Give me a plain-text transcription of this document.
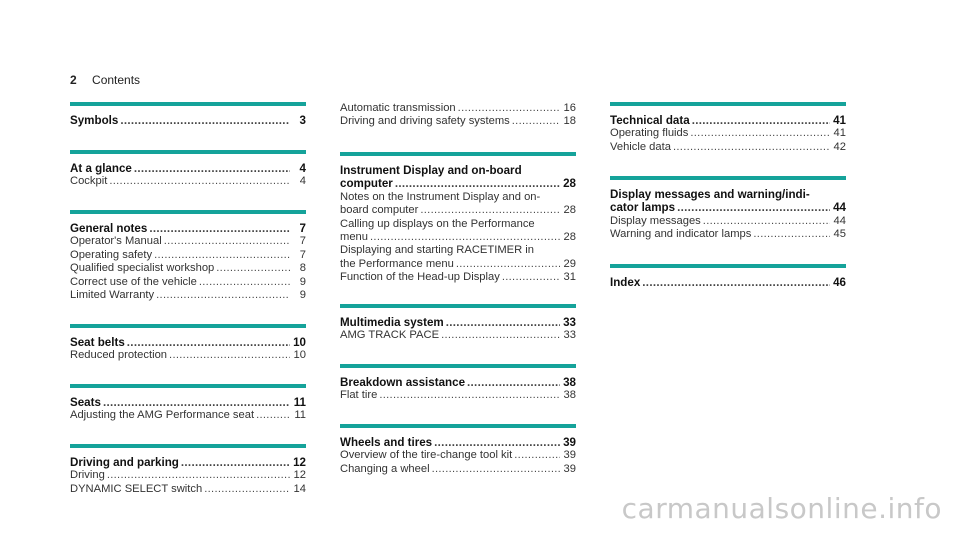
2 Contents
Symbols .....	3
At a glance .....	4
Cockpit .....	4
General notes .....	7
Operator's Manual .....	7
Operating safety .....	7
Qualified specialist workshop .....	8
Correct use of the vehicle .....	9
Limited Warranty .....	9
Seat belts .....	10
Reduced protection .....	10
Seats .....	11
Adjusting the AMG Performance seat .....	11
Driving and parking .....	12
Driving .....	12
DYNAMIC SELECT switch .....	14
Automatic transmission .....	16
Driving and driving safety systems .....	18
Instrument Display and on-board
computer .....	28
Notes on the Instrument Display and on-
board computer .....	28
Calling up displays on the Performance
menu .....	28
Displaying and starting RACETIMER in
the Performance menu .....	29
Function of the Head-up Display .....	31
Multimedia system .....	33
AMG TRACK PACE .....	33
Breakdown assistance .....	38
Flat tire .....	38
Wheels and tires .....	39
Overview of the tire-change tool kit .....	39
Changing a wheel .....	39
Technical data .....	41
Operating fluids .....	41
Vehicle data .....	42
Display messages and warning/indi-
cator lamps .....	44
Display messages .....	44
Warning and indicator lamps .....	45
Index .....	46
carmanualsonline.info
